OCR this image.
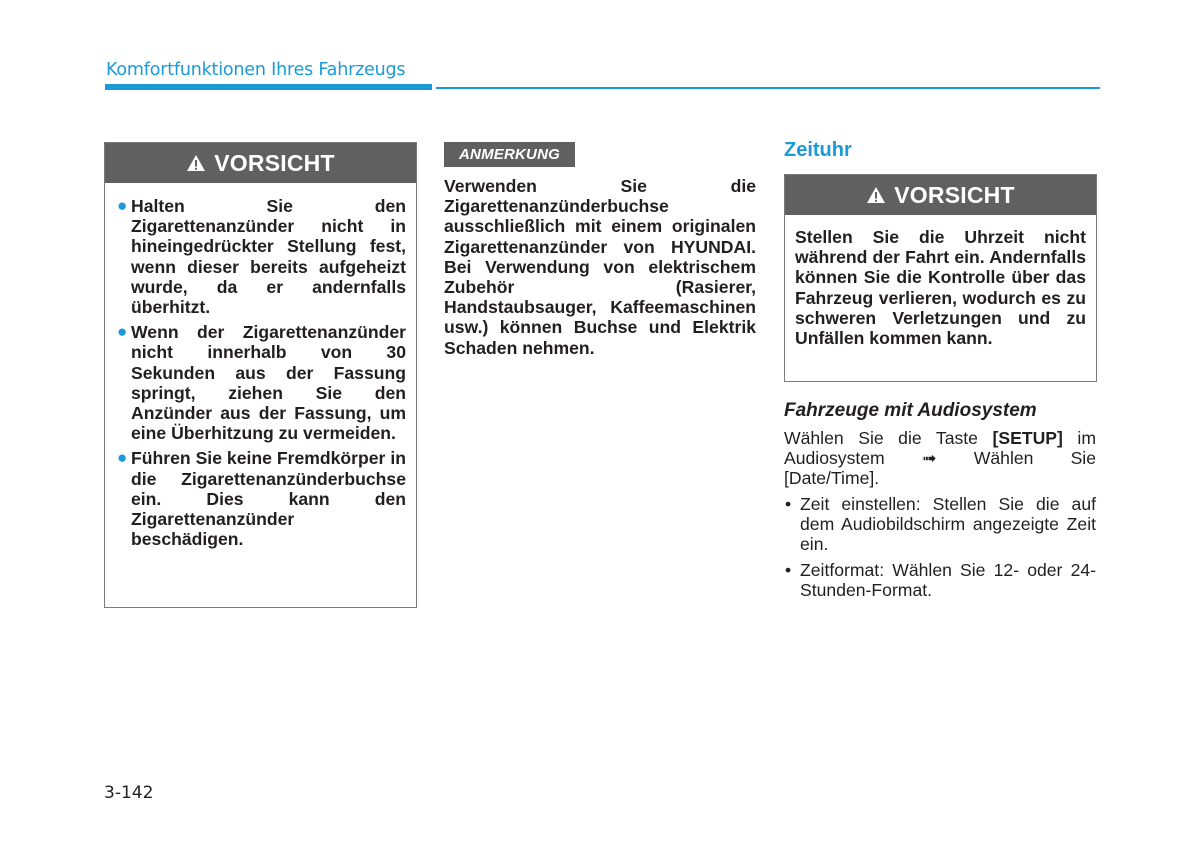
Komfortfunktionen Ihres Fahrzeugs
VORSICHT
● Halten Sie den Zigarettenanzünder nicht in hineingedrückter Stellung fest, wenn dieser bereits aufgeheizt wurde, da er andernfalls überhitzt.
● Wenn der Zigarettenanzünder nicht innerhalb von 30 Sekunden aus der Fassung springt, ziehen Sie den Anzünder aus der Fassung, um eine Überhitzung zu vermeiden.
● Führen Sie keine Fremdkörper in die Zigarettenanzünderbuchse ein. Dies kann den Zigarettenanzünder beschädigen.
ANMERKUNG
Verwenden Sie die Zigarettenanzünderbuchse ausschließlich mit einem originalen Zigarettenanzünder von HYUNDAI. Bei Verwendung von elektrischem Zubehör (Rasierer, Handstaubsauger, Kaffeemaschinen usw.) können Buchse und Elektrik Schaden nehmen.
Zeituhr
VORSICHT

Stellen Sie die Uhrzeit nicht während der Fahrt ein. Andernfalls können Sie die Kontrolle über das Fahrzeug verlieren, wodurch es zu schweren Verletzungen und zu Unfällen kommen kann.

Fahrzeuge mit Audiosystem

Wählen Sie die Taste [SETUP] im Audiosystem ➟ Wählen Sie [Date/Time].

• Zeit einstellen: Stellen Sie die auf dem Audiobildschirm angezeigte Zeit ein.
• Zeitformat: Wählen Sie 12- oder 24-Stunden-Format.
3-142
